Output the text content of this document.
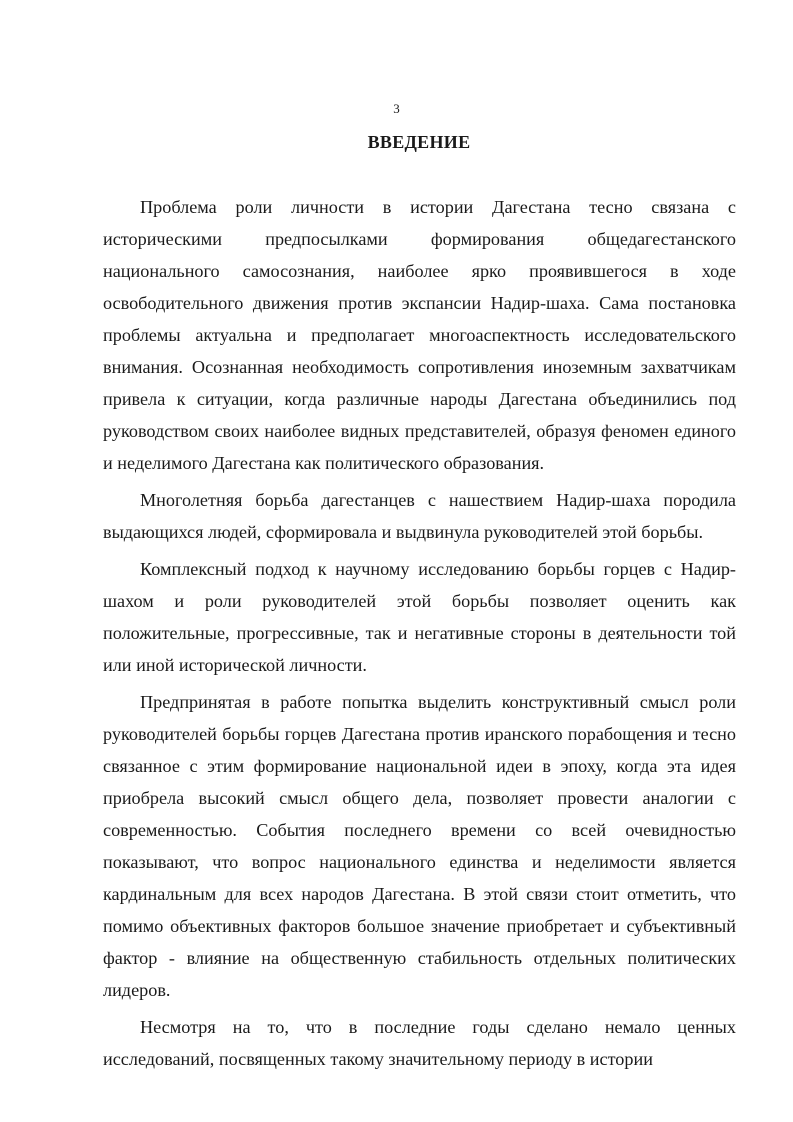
3
ВВЕДЕНИЕ

Проблема роли личности в истории Дагестана тесно связана с историческими предпосылками формирования общедагестанского национального самосознания, наиболее ярко проявившегося в ходе освободительного движения против экспансии Надир-шаха. Сама постановка проблемы актуальна и предполагает многоаспектность исследовательского внимания. Осознанная необходимость сопротивления иноземным захватчикам привела к ситуации, когда различные народы Дагестана объединились под руководством своих наиболее видных представителей, образуя феномен единого и неделимого Дагестана как политического образования.

Многолетняя борьба дагестанцев с нашествием Надир-шаха породила выдающихся людей, сформировала и выдвинула руководителей этой борьбы.

Комплексный подход к научному исследованию борьбы горцев с Надир-шахом и роли руководителей этой борьбы позволяет оценить как положительные, прогрессивные, так и негативные стороны в деятельности той или иной исторической личности.

Предпринятая в работе попытка выделить конструктивный смысл роли руководителей борьбы горцев Дагестана против иранского порабощения и тесно связанное с этим формирование национальной идеи в эпоху, когда эта идея приобрела высокий смысл общего дела, позволяет провести аналогии с современностью. События последнего времени со всей очевидностью показывают, что вопрос национального единства и неделимости является кардинальным для всех народов Дагестана. В этой связи стоит отметить, что помимо объективных факторов большое значение приобретает и субъективный фактор - влияние на общественную стабильность отдельных политических лидеров.

Несмотря на то, что в последние годы сделано немало ценных исследований, посвященных такому значительному периоду в истории
